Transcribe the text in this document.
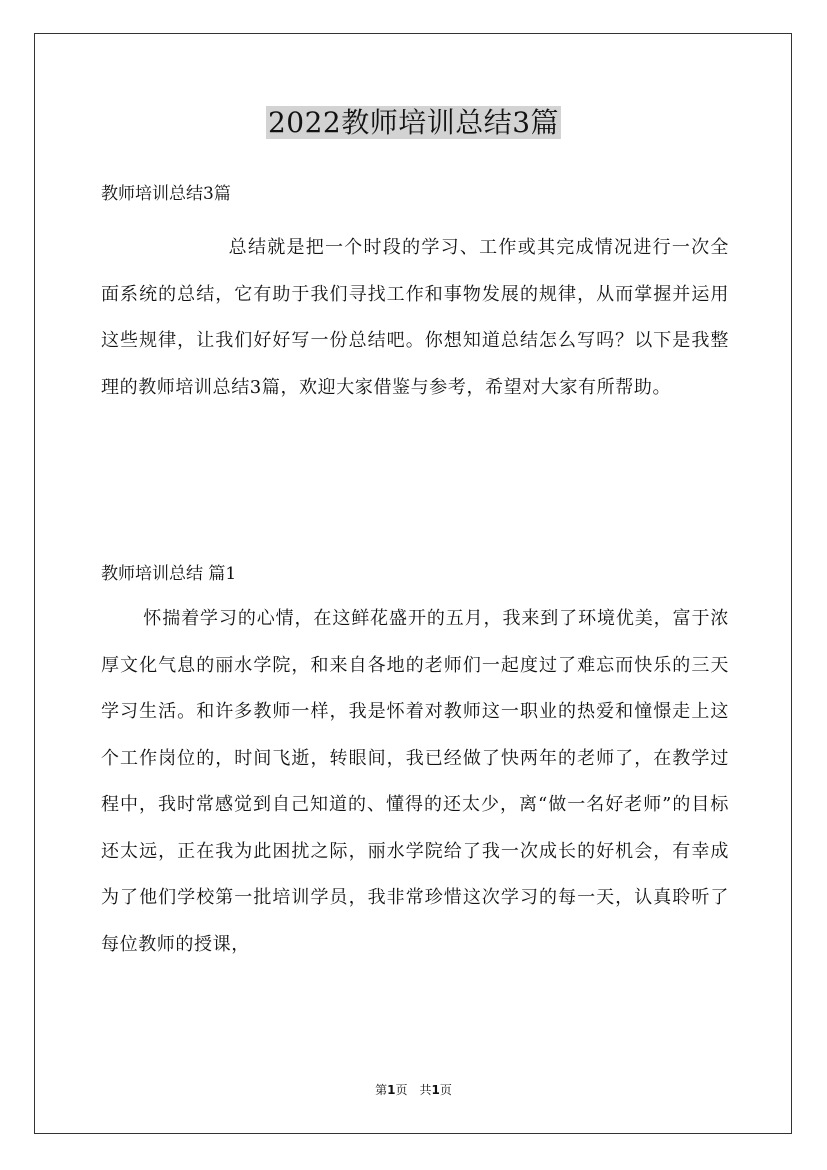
2022教师培训总结3篇

教师培训总结3篇

总结就是把一个时段的学习、工作或其完成情况进行一次全面系统的总结，它有助于我们寻找工作和事物发展的规律，从而掌握并运用这些规律，让我们好好写一份总结吧。你想知道总结怎么写吗？以下是我整理的教师培训总结3篇，欢迎大家借鉴与参考，希望对大家有所帮助。

教师培训总结 篇1

怀揣着学习的心情，在这鲜花盛开的五月，我来到了环境优美，富于浓厚文化气息的丽水学院，和来自各地的老师们一起度过了难忘而快乐的三天学习生活。和许多教师一样，我是怀着对教师这一职业的热爱和憧憬走上这个工作岗位的，时间飞逝，转眼间，我已经做了快两年的老师了，在教学过程中，我时常感觉到自己知道的、懂得的还太少，离“做一名好老师”的目标还太远，正在我为此困扰之际，丽水学院给了我一次成长的好机会，有幸成为了他们学校第一批培训学员，我非常珍惜这次学习的每一天，认真聆听了每位教师的授课，

第1页 共1页
